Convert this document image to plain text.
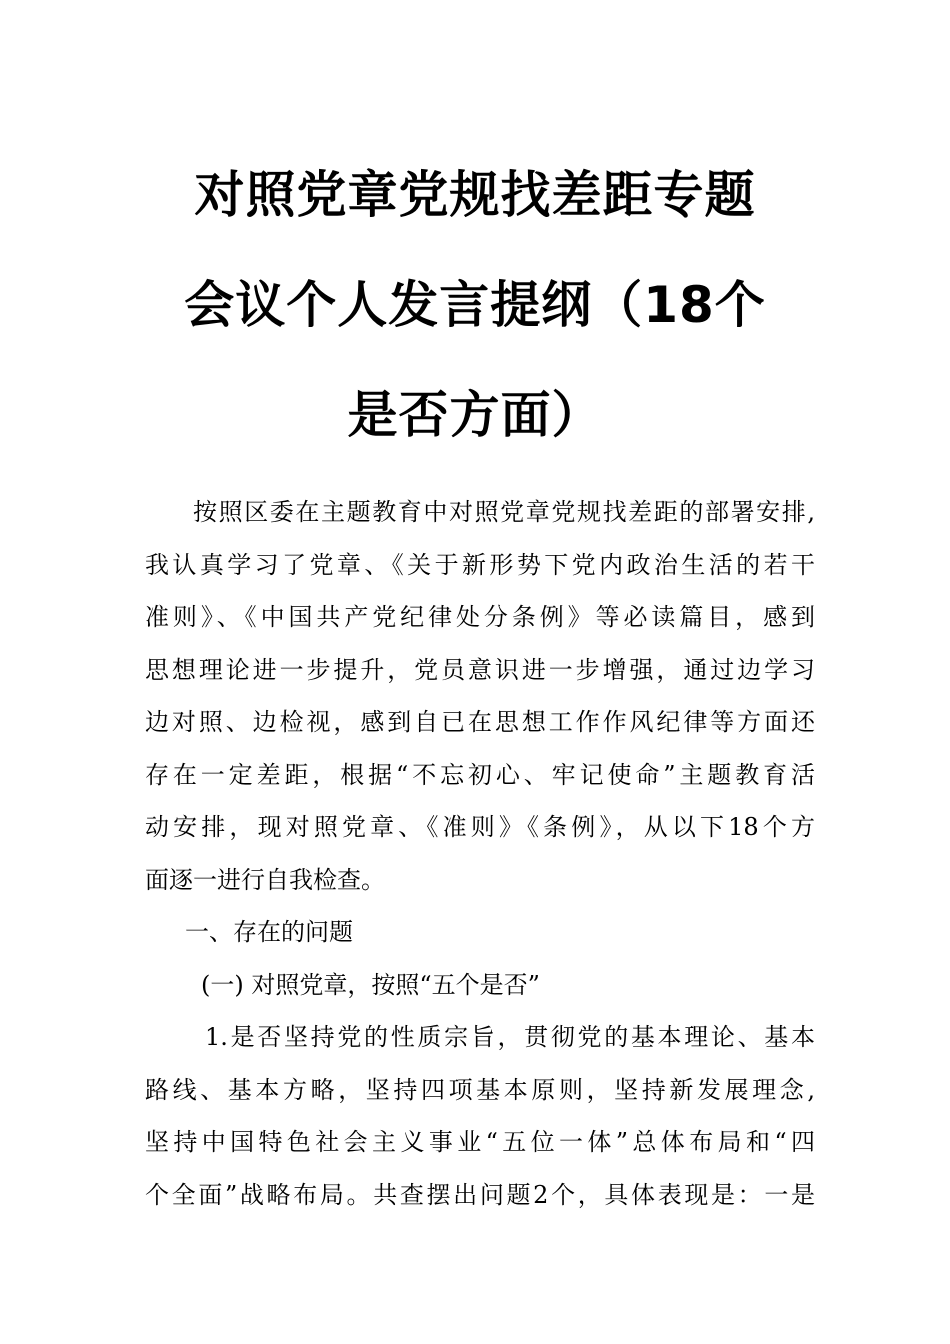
对照党章党规找差距专题
会议个人发言提纲（18个
是否方面）
按照区委在主题教育中对照党章党规找差距的部署安排,
我认真学习了党章、《关于新形势下党内政治生活的若干
准则》、《中国共产党纪律处分条例》等必读篇目，感到
思想理论进一步提升，党员意识进一步增强，通过边学习
边对照、边检视，感到自已在思想工作作风纪律等方面还
存在一定差距，根据“不忘初心、牢记使命”主题教育活
动安排，现对照党章、《准则》《条例》，从以下18个方
面逐一进行自我检查。
一、存在的问题
(一) 对照党章，按照“五个是否”
1.是否坚持党的性质宗旨，贯彻党的基本理论、基本
路线、基本方略，坚持四项基本原则，坚持新发展理念,
坚持中国特色社会主义事业“五位一体”总体布局和“四
个全面”战略布局。共查摆出问题2个，具体表现是：一是
